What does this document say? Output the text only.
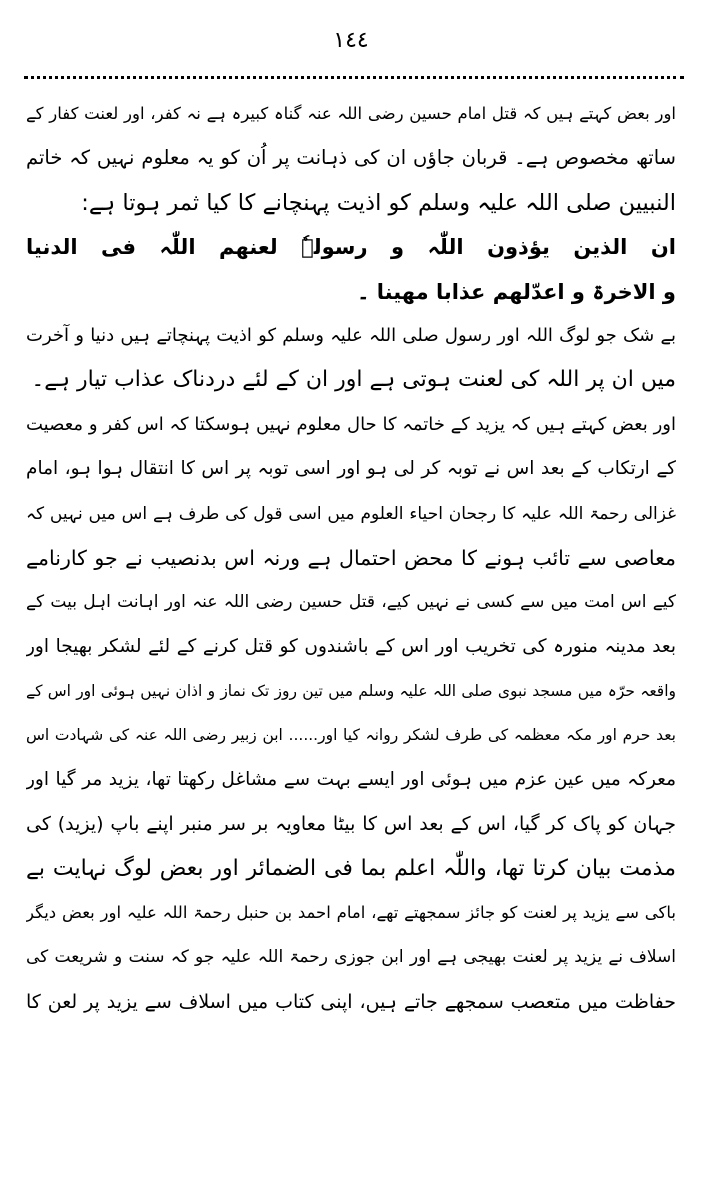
١٤٤
اور بعض کہتے ہیں کہ قتل امام حسین رضی اللہ عنہ گناہ کبیرہ ہے نہ کفر، اور لعنت کفار کے
ساتھ مخصوص ہے۔ قربان جاؤں ان کی ذہانت پر اُن کو یہ معلوم نہیں کہ خاتم
النبیین صلی اللہ علیہ وسلم کو اذیت پہنچانے کا کیا ثمر ہوتا ہے:
ان الذین یؤذون اللّٰہ و رسولہٗ لعنھم اللّٰہ فی الدنیا
و الاخرۃ و اعدّلھم عذابا مھینا ۔
بے شک جو لوگ اللہ اور رسول صلی اللہ علیہ وسلم کو اذیت پہنچاتے ہیں دنیا و آخرت
میں ان پر اللہ کی لعنت ہوتی ہے اور ان کے لئے دردناک عذاب تیار ہے۔
اور بعض کہتے ہیں کہ یزید کے خاتمہ کا حال معلوم نہیں ہوسکتا کہ اس کفر و معصیت
کے ارتکاب کے بعد اس نے توبہ کر لی ہو اور اسی توبہ پر اس کا انتقال ہوا ہو، امام
غزالی رحمۃ اللہ علیہ کا رجحان احیاء العلوم میں اسی قول کی طرف ہے اس میں نہیں کہ
معاصی سے تائب ہونے کا محض احتمال ہے ورنہ اس بدنصیب نے جو کارنامے
کیے اس امت میں سے کسی نے نہیں کیے، قتل حسین رضی اللہ عنہ اور اہانت اہل بیت کے
بعد مدینہ منورہ کی تخریب اور اس کے باشندوں کو قتل کرنے کے لئے لشکر بھیجا اور
واقعہ حرّہ میں مسجد نبوی صلی اللہ علیہ وسلم میں تین روز تک نماز و اذان نہیں ہوئی اور اس کے
بعد حرم اور مکہ معظمہ کی طرف لشکر روانہ کیا اور...... ابن زبیر رضی اللہ عنہ کی شہادت اس
معرکہ میں عین عزم میں ہوئی اور ایسے بہت سے مشاغل رکھتا تھا، یزید مر گیا اور
جہان کو پاک کر گیا، اس کے بعد اس کا بیٹا معاویہ بر سر منبر اپنے باپ (یزید) کی
مذمت بیان کرتا تھا، واللّٰہ اعلم بما فی الضمائر اور بعض لوگ نہایت بے
باکی سے یزید پر لعنت کو جائز سمجھتے تھے، امام احمد بن حنبل رحمۃ اللہ علیہ اور بعض دیگر
اسلاف نے یزید پر لعنت بھیجی ہے اور ابن جوزی رحمۃ اللہ علیہ جو کہ سنت و شریعت کی
حفاظت میں متعصب سمجھے جاتے ہیں، اپنی کتاب میں اسلاف سے یزید پر لعن کا
